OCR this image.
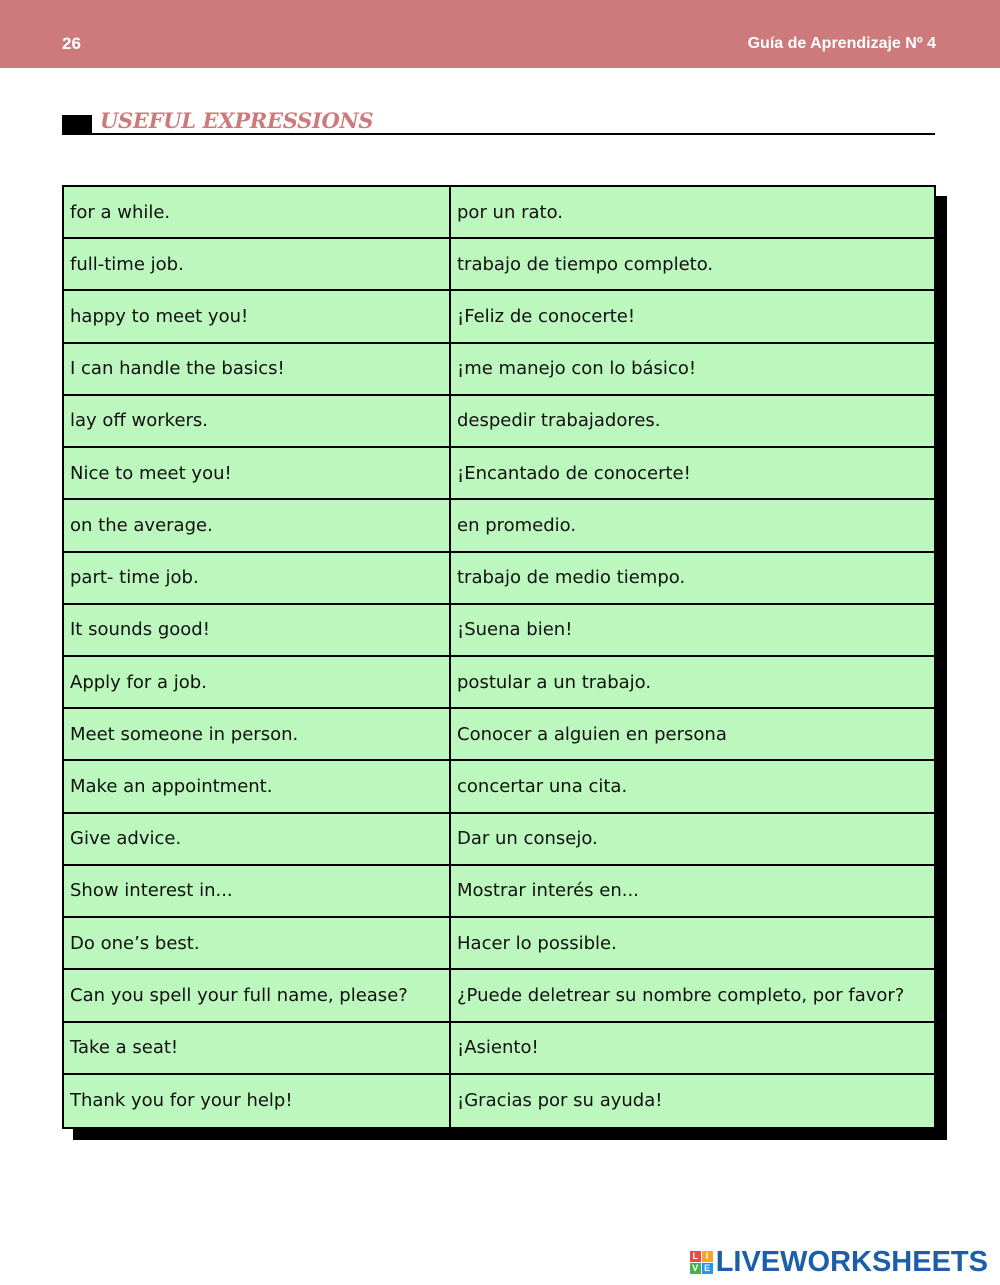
26	Guía de Aprendizaje Nº 4
USEFUL EXPRESSIONS
for a while.	por un rato.
full-time job.	trabajo de tiempo completo.
happy to meet you!	¡Feliz de conocerte!
I can handle the basics!	¡me manejo con lo básico!
lay off workers.	despedir trabajadores.
Nice to meet you!	¡Encantado de conocerte!
on the average.	en promedio.
part- time job.	trabajo de medio tiempo.
It sounds good!	¡Suena bien!
Apply for a job.	postular a un trabajo.
Meet someone in person.	Conocer a alguien en persona
Make an appointment.	concertar una cita.
Give advice.	Dar un consejo.
Show interest in...	Mostrar interés en...
Do one’s best.	Hacer lo possible.
Can you spell your full name, please?	¿Puede deletrear su nombre completo, por favor?
Take a seat!	¡Asiento!
Thank you for your help!	¡Gracias por su ayuda!
L I
V E LIVEWORKSHEETS
